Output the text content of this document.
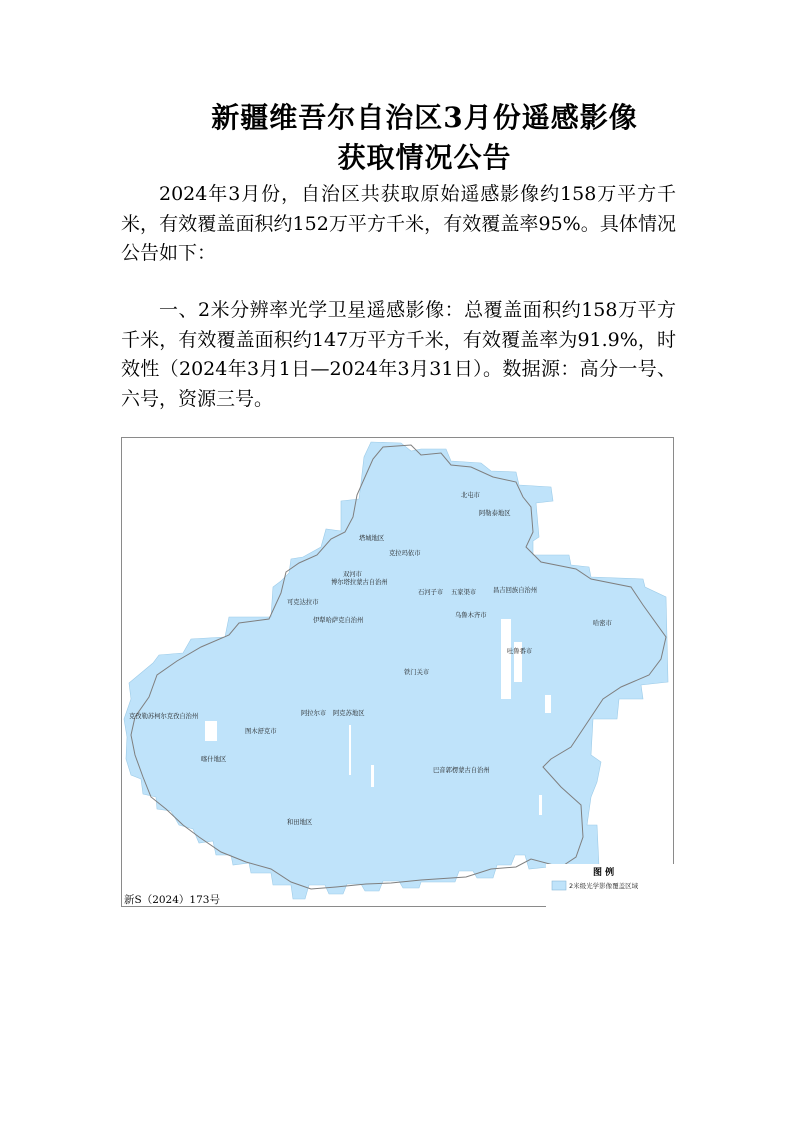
新疆维吾尔自治区3月份遥感影像
获取情况公告
2024年3月份，自治区共获取原始遥感影像约158万平方千米，有效覆盖面积约152万平方千米，有效覆盖率95%。具体情况公告如下：
一、2米分辨率光学卫星遥感影像：总覆盖面积约158万平方千米，有效覆盖面积约147万平方千米，有效覆盖率为91.9%，时效性（2024年3月1日—2024年3月31日）。数据源：高分一号、六号，资源三号。
北屯市
阿勒泰地区
塔城地区
克拉玛依市
双河市
博尔塔拉蒙古自治州
石河子市 五家渠市	昌吉回族自治州
可克达拉市
伊犁哈萨克自治州
乌鲁木齐市
哈密市
吐鲁番市
铁门关市
克孜勒苏柯尔克孜自治州	阿拉尔市 阿克苏地区
图木舒克市
喀什地区
巴音郭楞蒙古自治州
和田地区
图 例
2米级光学影像覆盖区域
新S（2024）173号
